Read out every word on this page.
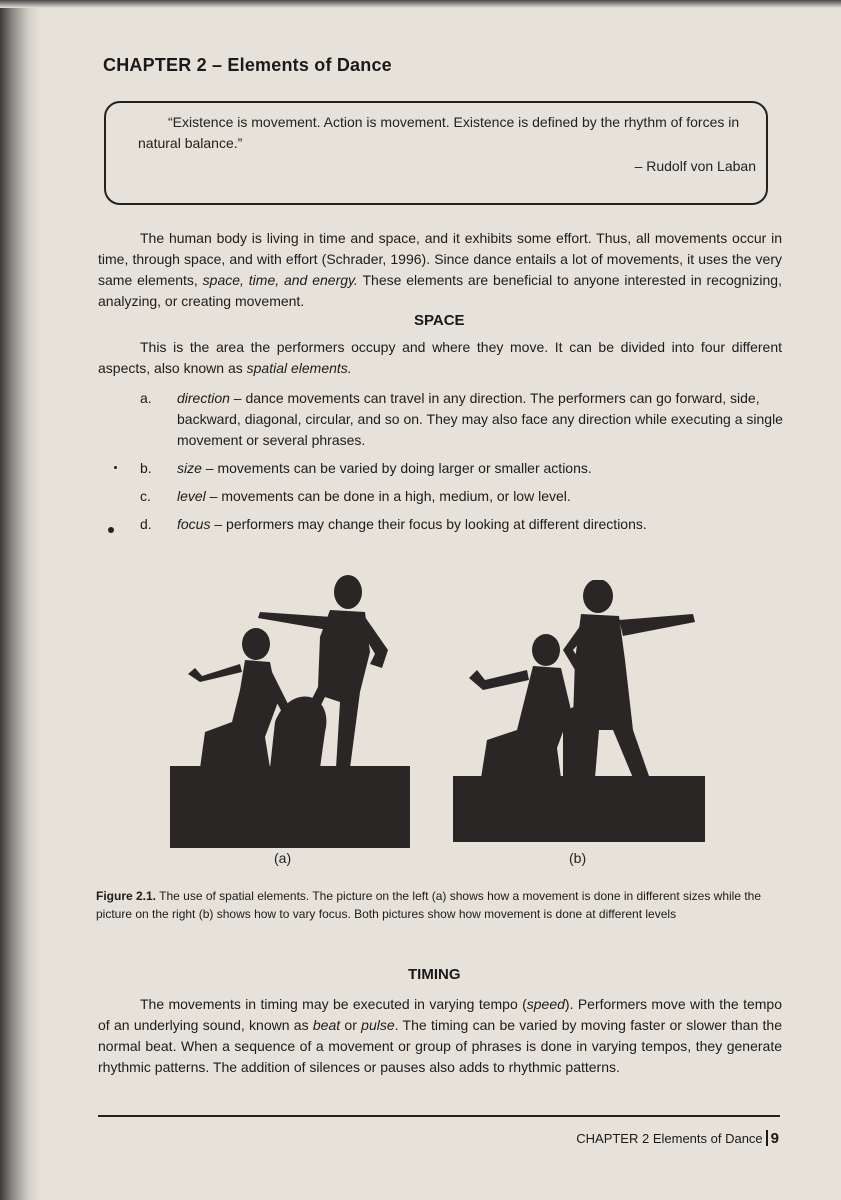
CHAPTER 2 – Elements of Dance
“Existence is movement. Action is movement. Existence is defined by the rhythm of forces in natural balance.”
– Rudolf von Laban
The human body is living in time and space, and it exhibits some effort. Thus, all movements occur in time, through space, and with effort (Schrader, 1996). Since dance entails a lot of movements, it uses the very same elements, space, time, and energy. These elements are beneficial to anyone interested in recognizing, analyzing, or creating movement.
SPACE
This is the area the performers occupy and where they move. It can be divided into four different aspects, also known as spatial elements.
a.	direction – dance movements can travel in any direction. The performers can go forward, side, backward, diagonal, circular, and so on. They may also face any direction while executing a single movement or several phrases.
b.	size – movements can be varied by doing larger or smaller actions.
c.	level – movements can be done in a high, medium, or low level.
d.	focus – performers may change their focus by looking at different directions.
(a)	(b)
Figure 2.1. The use of spatial elements. The picture on the left (a) shows how a movement is done in different sizes while the picture on the right (b) shows how to vary focus. Both pictures show how movement is done at different levels
TIMING
The movements in timing may be executed in varying tempo (speed). Performers move with the tempo of an underlying sound, known as beat or pulse. The timing can be varied by moving faster or slower than the normal beat. When a sequence of a movement or group of phrases is done in varying tempos, they generate rhythmic patterns. The addition of silences or pauses also adds to rhythmic patterns.
CHAPTER 2 Elements of Dance 9
